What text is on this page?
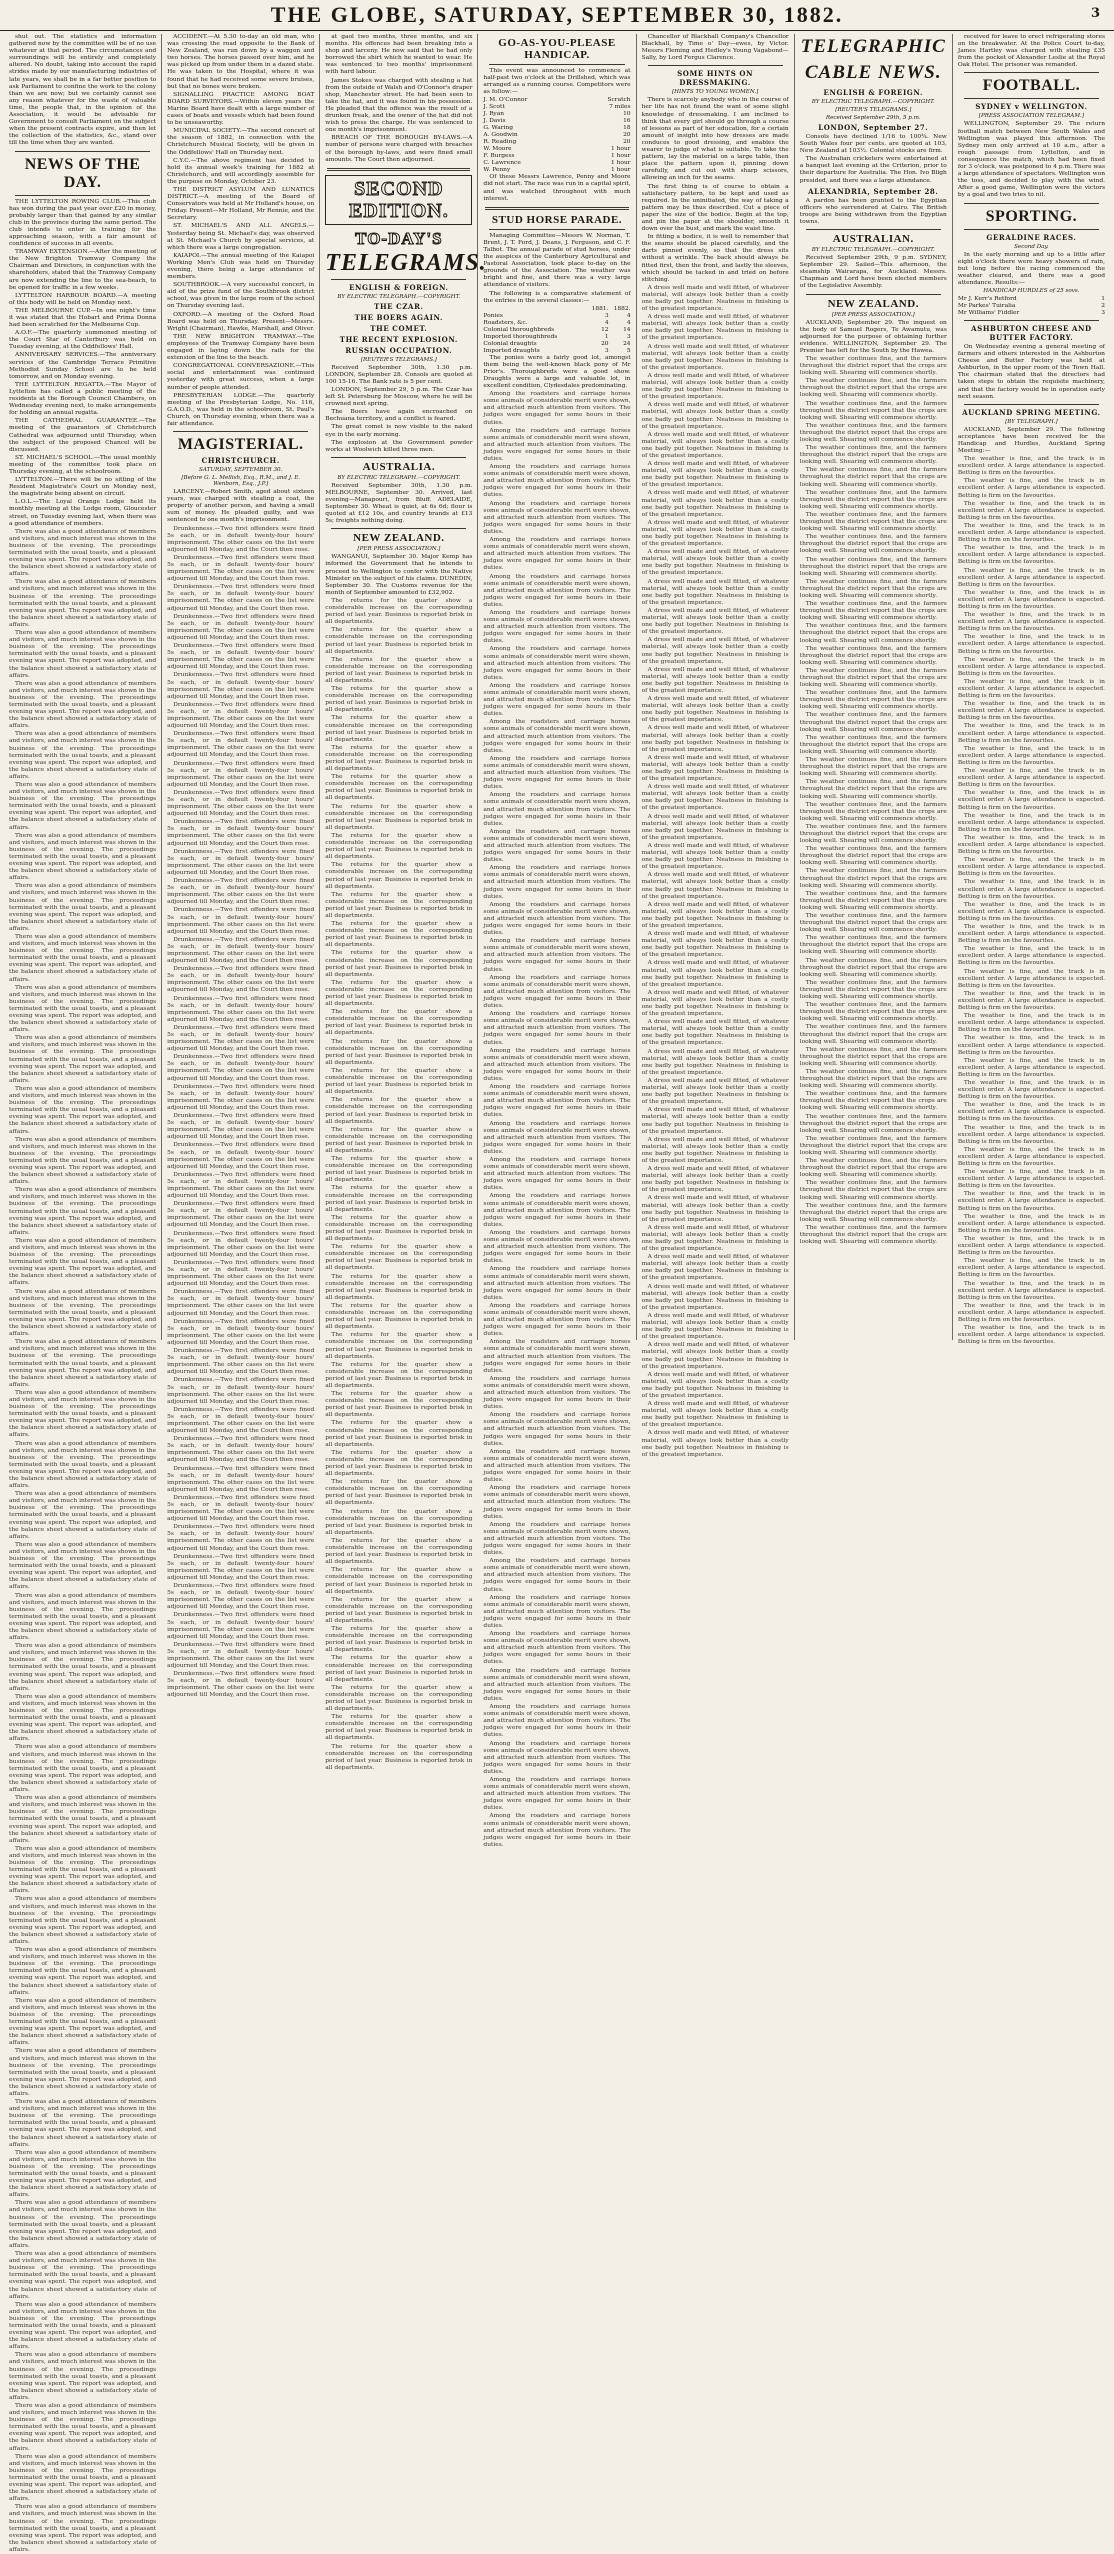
THE GLOBE, SATURDAY, SEPTEMBER 30, 1882.	3

shut out. The statistics and information gathered now by the committee will be of no use whatever at that period. The circumstances and surroundings will be entirely and completely altered. No doubt, taking into account the rapid strides made by our manufacturing industries of late years, we shall be in a far better position to ask Parliament to confine the work to the colony than we are now; but we certainly cannot see any reason whatever for the waste of valuable time, the people that, in the opinion of the Association, it would be advisable for Government to consult Parliament on the subject when the present contracts expire, and then let the collection of the statistics, &c., stand over till the time when they are wanted.

NEWS OF THE DAY.

THE LYTTELTON ROWING CLUB.—This club has won during the past year over £20 in money, probably larger than that gained by any similar club in the province during the same period. The club intends to enter in training for the approaching season, with a fair amount of confidence of success in all events.

TRAMWAY EXTENSION.—After the meeting of the New Brighton Tramway Company the Chairman and Directors, in conjunction with the shareholders, stated that the Tramway Company are now extending the line to the sea-beach, to be opened for traffic in a few weeks.

LYTTELTON HARBOUR BOARD.—A meeting of this body will be held on Monday next.

THE MELBOURNE CUP.—In one night's time it was stated that the Hobart and Prima Donna had been scratched for the Melbourne Cup.

A.O.F.—The quarterly summoned meeting of the Court Star of Canterbury was held on Tuesday evening, at the Oddfellows' Hall.

ANNIVERSARY SERVICES.—The anniversary services of the Cambridge Terrace Primitive Methodist Sunday School are to be held tomorrow, and on Monday evening.

THE LYTTELTON REGATTA.—The Mayor of Lyttelton has called a public meeting of the residents at the Borough Council Chambers, on Wednesday evening next, to make arrangements for holding an annual regatta.

THE CATHEDRAL GUARANTEE.—The meeting of the guarantors of Christchurch Cathedral was adjourned until Thursday, when the subject of the proposed Chancel will be discussed.

ST. MICHAEL'S SCHOOL.—The usual monthly meeting of the committee took place on Thursday evening, at the schoolroom.

LYTTELTON.—There will be no sitting of the Resident Magistrate's Court on Monday next, the magistrate being absent on circuit.

L.O.L.—The Loyal Orange Lodge held its monthly meeting at the Lodge room, Gloucester street, on Tuesday evening last, when there was a good attendance of members.

There was also a good attendance of members and visitors, and much interest was shown in the business of the evening. The proceedings terminated with the usual toasts, and a pleasant evening was spent. The report was adopted, and the balance sheet showed a satisfactory state of affairs.

There was also a good attendance of members and visitors, and much interest was shown in the business of the evening. The proceedings terminated with the usual toasts, and a pleasant evening was spent. The report was adopted, and the balance sheet showed a satisfactory state of affairs.

There was also a good attendance of members and visitors, and much interest was shown in the business of the evening. The proceedings terminated with the usual toasts, and a pleasant evening was spent. The report was adopted, and the balance sheet showed a satisfactory state of affairs.

There was also a good attendance of members and visitors, and much interest was shown in the business of the evening. The proceedings terminated with the usual toasts, and a pleasant evening was spent. The report was adopted, and the balance sheet showed a satisfactory state of affairs.

There was also a good attendance of members and visitors, and much interest was shown in the business of the evening. The proceedings terminated with the usual toasts, and a pleasant evening was spent. The report was adopted, and the balance sheet showed a satisfactory state of affairs.

There was also a good attendance of members and visitors, and much interest was shown in the business of the evening. The proceedings terminated with the usual toasts, and a pleasant evening was spent. The report was adopted, and the balance sheet showed a satisfactory state of affairs.

There was also a good attendance of members and visitors, and much interest was shown in the business of the evening. The proceedings terminated with the usual toasts, and a pleasant evening was spent. The report was adopted, and the balance sheet showed a satisfactory state of affairs.

There was also a good attendance of members and visitors, and much interest was shown in the business of the evening. The proceedings terminated with the usual toasts, and a pleasant evening was spent. The report was adopted, and the balance sheet showed a satisfactory state of affairs.

There was also a good attendance of members and visitors, and much interest was shown in the business of the evening. The proceedings terminated with the usual toasts, and a pleasant evening was spent. The report was adopted, and the balance sheet showed a satisfactory state of affairs.

There was also a good attendance of members and visitors, and much interest was shown in the business of the evening. The proceedings terminated with the usual toasts, and a pleasant evening was spent. The report was adopted, and the balance sheet showed a satisfactory state of affairs.

There was also a good attendance of members and visitors, and much interest was shown in the business of the evening. The proceedings terminated with the usual toasts, and a pleasant evening was spent. The report was adopted, and the balance sheet showed a satisfactory state of affairs.

There was also a good attendance of members and visitors, and much interest was shown in the business of the evening. The proceedings terminated with the usual toasts, and a pleasant evening was spent. The report was adopted, and the balance sheet showed a satisfactory state of affairs.

There was also a good attendance of members and visitors, and much interest was shown in the business of the evening. The proceedings terminated with the usual toasts, and a pleasant evening was spent. The report was adopted, and the balance sheet showed a satisfactory state of affairs.

There was also a good attendance of members and visitors, and much interest was shown in the business of the evening. The proceedings terminated with the usual toasts, and a pleasant evening was spent. The report was adopted, and the balance sheet showed a satisfactory state of affairs.

There was also a good attendance of members and visitors, and much interest was shown in the business of the evening. The proceedings terminated with the usual toasts, and a pleasant evening was spent. The report was adopted, and the balance sheet showed a satisfactory state of affairs.

There was also a good attendance of members and visitors, and much interest was shown in the business of the evening. The proceedings terminated with the usual toasts, and a pleasant evening was spent. The report was adopted, and the balance sheet showed a satisfactory state of affairs.

There was also a good attendance of members and visitors, and much interest was shown in the business of the evening. The proceedings terminated with the usual toasts, and a pleasant evening was spent. The report was adopted, and the balance sheet showed a satisfactory state of affairs.

There was also a good attendance of members and visitors, and much interest was shown in the business of the evening. The proceedings terminated with the usual toasts, and a pleasant evening was spent. The report was adopted, and the balance sheet showed a satisfactory state of affairs.

There was also a good attendance of members and visitors, and much interest was shown in the business of the evening. The proceedings terminated with the usual toasts, and a pleasant evening was spent. The report was adopted, and the balance sheet showed a satisfactory state of affairs.

There was also a good attendance of members and visitors, and much interest was shown in the business of the evening. The proceedings terminated with the usual toasts, and a pleasant evening was spent. The report was adopted, and the balance sheet showed a satisfactory state of affairs.

There was also a good attendance of members and visitors, and much interest was shown in the business of the evening. The proceedings terminated with the usual toasts, and a pleasant evening was spent. The report was adopted, and the balance sheet showed a satisfactory state of affairs.

There was also a good attendance of members and visitors, and much interest was shown in the business of the evening. The proceedings terminated with the usual toasts, and a pleasant evening was spent. The report was adopted, and the balance sheet showed a satisfactory state of affairs.

There was also a good attendance of members and visitors, and much interest was shown in the business of the evening. The proceedings terminated with the usual toasts, and a pleasant evening was spent. The report was adopted, and the balance sheet showed a satisfactory state of affairs.

There was also a good attendance of members and visitors, and much interest was shown in the business of the evening. The proceedings terminated with the usual toasts, and a pleasant evening was spent. The report was adopted, and the balance sheet showed a satisfactory state of affairs.

There was also a good attendance of members and visitors, and much interest was shown in the business of the evening. The proceedings terminated with the usual toasts, and a pleasant evening was spent. The report was adopted, and the balance sheet showed a satisfactory state of affairs.

There was also a good attendance of members and visitors, and much interest was shown in the business of the evening. The proceedings terminated with the usual toasts, and a pleasant evening was spent. The report was adopted, and the balance sheet showed a satisfactory state of affairs.

There was also a good attendance of members and visitors, and much interest was shown in the business of the evening. The proceedings terminated with the usual toasts, and a pleasant evening was spent. The report was adopted, and the balance sheet showed a satisfactory state of affairs.

There was also a good attendance of members and visitors, and much interest was shown in the business of the evening. The proceedings terminated with the usual toasts, and a pleasant evening was spent. The report was adopted, and the balance sheet showed a satisfactory state of affairs.

There was also a good attendance of members and visitors, and much interest was shown in the business of the evening. The proceedings terminated with the usual toasts, and a pleasant evening was spent. The report was adopted, and the balance sheet showed a satisfactory state of affairs.

There was also a good attendance of members and visitors, and much interest was shown in the business of the evening. The proceedings terminated with the usual toasts, and a pleasant evening was spent. The report was adopted, and the balance sheet showed a satisfactory state of affairs.

There was also a good attendance of members and visitors, and much interest was shown in the business of the evening. The proceedings terminated with the usual toasts, and a pleasant evening was spent. The report was adopted, and the balance sheet showed a satisfactory state of affairs.

There was also a good attendance of members and visitors, and much interest was shown in the business of the evening. The proceedings terminated with the usual toasts, and a pleasant evening was spent. The report was adopted, and the balance sheet showed a satisfactory state of affairs.

There was also a good attendance of members and visitors, and much interest was shown in the business of the evening. The proceedings terminated with the usual toasts, and a pleasant evening was spent. The report was adopted, and the balance sheet showed a satisfactory state of affairs.

There was also a good attendance of members and visitors, and much interest was shown in the business of the evening. The proceedings terminated with the usual toasts, and a pleasant evening was spent. The report was adopted, and the balance sheet showed a satisfactory state of affairs.

There was also a good attendance of members and visitors, and much interest was shown in the business of the evening. The proceedings terminated with the usual toasts, and a pleasant evening was spent. The report was adopted, and the balance sheet showed a satisfactory state of affairs.

There was also a good attendance of members and visitors, and much interest was shown in the business of the evening. The proceedings terminated with the usual toasts, and a pleasant evening was spent. The report was adopted, and the balance sheet showed a satisfactory state of affairs.

There was also a good attendance of members and visitors, and much interest was shown in the business of the evening. The proceedings terminated with the usual toasts, and a pleasant evening was spent. The report was adopted, and the balance sheet showed a satisfactory state of affairs.

There was also a good attendance of members and visitors, and much interest was shown in the business of the evening. The proceedings terminated with the usual toasts, and a pleasant evening was spent. The report was adopted, and the balance sheet showed a satisfactory state of affairs.

There was also a good attendance of members and visitors, and much interest was shown in the business of the evening. The proceedings terminated with the usual toasts, and a pleasant evening was spent. The report was adopted, and the balance sheet showed a satisfactory state of affairs.

There was also a good attendance of members and visitors, and much interest was shown in the business of the evening. The proceedings terminated with the usual toasts, and a pleasant evening was spent. The report was adopted, and the balance sheet showed a satisfactory state of affairs.

ACCIDENT.—At 5.30 to-day an old man, who was crossing the road opposite to the Bank of New Zealand, was run down by a waggon and two horses. The horses passed over him, and he was picked up from under them in a dazed state. He was taken to the Hospital, where it was found that he had received some severe bruises, but that no bones were broken.

SIGNALLING PRACTICE AMONG BOAT BOARD SURVEYORS.—Within eleven years the Marine Board have dealt with a large number of cases of boats and vessels which had been found to be unseaworthy.

MUNICIPAL SOCIETY.—The second concert of the season of 1882, in connection with the Christchurch Musical Society, will be given in the Oddfellows' Hall on Thursday next.

C.Y.C.—The above regiment has decided to hold its annual week's training for 1882 at Christchurch, and will accordingly assemble for the purpose on Monday, October 23.

THE DISTRICT ASYLUM AND LUNATICS DISTRICT.—A meeting of the Board of Conservators was held at Mr Holland's house, on Friday. Present—Mr Holland, Mr Rennie, and the Secretary.

ST. MICHAEL'S AND ALL ANGELS.—Yesterday being St. Michael's day, was observed at St. Michael's Church by special services, at which there was a large congregation.

KAIAPOI.—The annual meeting of the Kaiapoi Working Men's Club was held on Thursday evening, there being a large attendance of members.

SOUTHBROOK.—A very successful concert, in aid of the prize fund of the Southbrook district school, was given in the large room of the school on Thursday evening last.

OXFORD.—A meeting of the Oxford Road Board was held on Thursday. Present—Messrs. Wright (Chairman), Hawke, Marshall, and Oliver.

THE NEW BRIGHTON TRAMWAY.—The employees of the Tramway Company have been engaged in laying down the rails for the extension of the line to the beach.

CONGREGATIONAL CONVERSAZIONE.—This social and entertainment was continued yesterday with great success, when a large number of people attended.

PRESBYTERIAN LODGE.—The quarterly meeting of the Presbyterian Lodge, No. 116, G.A.O.D., was held in the schoolroom, St. Paul's Church, on Thursday evening, when there was a fair attendance.

MAGISTERIAL.
CHRISTCHURCH.
SATURDAY, SEPTEMBER 30.
[Before G. L. Mellish, Esq., R.M., and J. E. Wenborn, Esq., J.P.]

LARCENY.—Robert Smith, aged about sixteen years, was charged with stealing a coat, the property of another person, and having a small sum of money. He pleaded guilty, and was sentenced to one month's imprisonment.

Drunkenness.—Two first offenders were fined 5s each, or in default twenty-four hours' imprisonment. The other cases on the list were adjourned till Monday, and the Court then rose.

Drunkenness.—Two first offenders were fined 5s each, or in default twenty-four hours' imprisonment. The other cases on the list were adjourned till Monday, and the Court then rose.

Drunkenness.—Two first offenders were fined 5s each, or in default twenty-four hours' imprisonment. The other cases on the list were adjourned till Monday, and the Court then rose.

Drunkenness.—Two first offenders were fined 5s each, or in default twenty-four hours' imprisonment. The other cases on the list were adjourned till Monday, and the Court then rose.

Drunkenness.—Two first offenders were fined 5s each, or in default twenty-four hours' imprisonment. The other cases on the list were adjourned till Monday, and the Court then rose.

Drunkenness.—Two first offenders were fined 5s each, or in default twenty-four hours' imprisonment. The other cases on the list were adjourned till Monday, and the Court then rose.

Drunkenness.—Two first offenders were fined 5s each, or in default twenty-four hours' imprisonment. The other cases on the list were adjourned till Monday, and the Court then rose.

Drunkenness.—Two first offenders were fined 5s each, or in default twenty-four hours' imprisonment. The other cases on the list were adjourned till Monday, and the Court then rose.

Drunkenness.—Two first offenders were fined 5s each, or in default twenty-four hours' imprisonment. The other cases on the list were adjourned till Monday, and the Court then rose.

Drunkenness.—Two first offenders were fined 5s each, or in default twenty-four hours' imprisonment. The other cases on the list were adjourned till Monday, and the Court then rose.

Drunkenness.—Two first offenders were fined 5s each, or in default twenty-four hours' imprisonment. The other cases on the list were adjourned till Monday, and the Court then rose.

Drunkenness.—Two first offenders were fined 5s each, or in default twenty-four hours' imprisonment. The other cases on the list were adjourned till Monday, and the Court then rose.

Drunkenness.—Two first offenders were fined 5s each, or in default twenty-four hours' imprisonment. The other cases on the list were adjourned till Monday, and the Court then rose.

Drunkenness.—Two first offenders were fined 5s each, or in default twenty-four hours' imprisonment. The other cases on the list were adjourned till Monday, and the Court then rose.

Drunkenness.—Two first offenders were fined 5s each, or in default twenty-four hours' imprisonment. The other cases on the list were adjourned till Monday, and the Court then rose.

Drunkenness.—Two first offenders were fined 5s each, or in default twenty-four hours' imprisonment. The other cases on the list were adjourned till Monday, and the Court then rose.

Drunkenness.—Two first offenders were fined 5s each, or in default twenty-four hours' imprisonment. The other cases on the list were adjourned till Monday, and the Court then rose.

Drunkenness.—Two first offenders were fined 5s each, or in default twenty-four hours' imprisonment. The other cases on the list were adjourned till Monday, and the Court then rose.

Drunkenness.—Two first offenders were fined 5s each, or in default twenty-four hours' imprisonment. The other cases on the list were adjourned till Monday, and the Court then rose.

Drunkenness.—Two first offenders were fined 5s each, or in default twenty-four hours' imprisonment. The other cases on the list were adjourned till Monday, and the Court then rose.

Drunkenness.—Two first offenders were fined 5s each, or in default twenty-four hours' imprisonment. The other cases on the list were adjourned till Monday, and the Court then rose.

Drunkenness.—Two first offenders were fined 5s each, or in default twenty-four hours' imprisonment. The other cases on the list were adjourned till Monday, and the Court then rose.

Drunkenness.—Two first offenders were fined 5s each, or in default twenty-four hours' imprisonment. The other cases on the list were adjourned till Monday, and the Court then rose.

Drunkenness.—Two first offenders were fined 5s each, or in default twenty-four hours' imprisonment. The other cases on the list were adjourned till Monday, and the Court then rose.

Drunkenness.—Two first offenders were fined 5s each, or in default twenty-four hours' imprisonment. The other cases on the list were adjourned till Monday, and the Court then rose.

Drunkenness.—Two first offenders were fined 5s each, or in default twenty-four hours' imprisonment. The other cases on the list were adjourned till Monday, and the Court then rose.

Drunkenness.—Two first offenders were fined 5s each, or in default twenty-four hours' imprisonment. The other cases on the list were adjourned till Monday, and the Court then rose.

Drunkenness.—Two first offenders were fined 5s each, or in default twenty-four hours' imprisonment. The other cases on the list were adjourned till Monday, and the Court then rose.

Drunkenness.—Two first offenders were fined 5s each, or in default twenty-four hours' imprisonment. The other cases on the list were adjourned till Monday, and the Court then rose.

Drunkenness.—Two first offenders were fined 5s each, or in default twenty-four hours' imprisonment. The other cases on the list were adjourned till Monday, and the Court then rose.

Drunkenness.—Two first offenders were fined 5s each, or in default twenty-four hours' imprisonment. The other cases on the list were adjourned till Monday, and the Court then rose.

Drunkenness.—Two first offenders were fined 5s each, or in default twenty-four hours' imprisonment. The other cases on the list were adjourned till Monday, and the Court then rose.

Drunkenness.—Two first offenders were fined 5s each, or in default twenty-four hours' imprisonment. The other cases on the list were adjourned till Monday, and the Court then rose.

Drunkenness.—Two first offenders were fined 5s each, or in default twenty-four hours' imprisonment. The other cases on the list were adjourned till Monday, and the Court then rose.

Drunkenness.—Two first offenders were fined 5s each, or in default twenty-four hours' imprisonment. The other cases on the list were adjourned till Monday, and the Court then rose.

Drunkenness.—Two first offenders were fined 5s each, or in default twenty-four hours' imprisonment. The other cases on the list were adjourned till Monday, and the Court then rose.

Drunkenness.—Two first offenders were fined 5s each, or in default twenty-four hours' imprisonment. The other cases on the list were adjourned till Monday, and the Court then rose.

Drunkenness.—Two first offenders were fined 5s each, or in default twenty-four hours' imprisonment. The other cases on the list were adjourned till Monday, and the Court then rose.

Drunkenness.—Two first offenders were fined 5s each, or in default twenty-four hours' imprisonment. The other cases on the list were adjourned till Monday, and the Court then rose.

Drunkenness.—Two first offenders were fined 5s each, or in default twenty-four hours' imprisonment. The other cases on the list were adjourned till Monday, and the Court then rose.

at gaol two months, three months, and six months. His offences had been breaking into a shop and larceny. He now said that he had only borrowed the shirt which he wanted to wear. He was sentenced to two months' imprisonment with hard labour.

James Stokes was charged with stealing a hat from the outside of Walsh and O'Connor's draper shop, Manchester street. He had been seen to take the hat, and it was found in his possession. He pleaded that the offence was the result of a drunken freak, and the owner of the hat did not wish to press the charge. He was sentenced to one month's imprisonment.

BREACH OF THE BOROUGH BY-LAWS.—A number of persons were charged with breaches of the borough by-laws, and were fined small amounts. The Court then adjourned.

SECOND EDITION.
TO-DAY'S
TELEGRAMS.
ENGLISH & FOREIGN.
BY ELECTRIC TELEGRAPH.—COPYRIGHT.
THE CZAR.
THE BOERS AGAIN.
THE COMET.
THE RECENT EXPLOSION.
RUSSIAN OCCUPATION.
[REUTER'S TELEGRAMS.]

Received September 30th, 1.30 p.m. LONDON, September 28. Consols are quoted at 100 15-16. The Bank rate is 5 per cent.

LONDON, September 29, 5 p.m. The Czar has left St. Petersburg for Moscow, where he will be crowned next spring.

The Boers have again encroached on Bechuana territory, and a conflict is feared.

The great comet is now visible to the naked eye in the early morning.

The explosion at the Government powder works at Woolwich killed three men.

AUSTRALIA.
BY ELECTRIC TELEGRAPH.—COPYRIGHT.

Received September 30th, 1.30 p.m. MELBOURNE, September 30. Arrived, last evening—Manapouri, from Bluff. ADELAIDE, September 30. Wheat is quiet, at 6s 6d; flour is quoted at £12 10s, and country brands at £13 5s; freights nothing doing.

NEW ZEALAND.
[PER PRESS ASSOCIATION.]

WANGANUI, September 30. Major Kemp has informed the Government that he intends to proceed to Wellington to confer with the Native Minister on the subject of his claims. DUNEDIN, September 30. The Customs revenue for the month of September amounted to £32,902.

The returns for the quarter show a considerable increase on the corresponding period of last year. Business is reported brisk in all departments.

The returns for the quarter show a considerable increase on the corresponding period of last year. Business is reported brisk in all departments.

The returns for the quarter show a considerable increase on the corresponding period of last year. Business is reported brisk in all departments.

The returns for the quarter show a considerable increase on the corresponding period of last year. Business is reported brisk in all departments.

The returns for the quarter show a considerable increase on the corresponding period of last year. Business is reported brisk in all departments.

The returns for the quarter show a considerable increase on the corresponding period of last year. Business is reported brisk in all departments.

The returns for the quarter show a considerable increase on the corresponding period of last year. Business is reported brisk in all departments.

The returns for the quarter show a considerable increase on the corresponding period of last year. Business is reported brisk in all departments.

The returns for the quarter show a considerable increase on the corresponding period of last year. Business is reported brisk in all departments.

The returns for the quarter show a considerable increase on the corresponding period of last year. Business is reported brisk in all departments.

The returns for the quarter show a considerable increase on the corresponding period of last year. Business is reported brisk in all departments.

The returns for the quarter show a considerable increase on the corresponding period of last year. Business is reported brisk in all departments.

The returns for the quarter show a considerable increase on the corresponding period of last year. Business is reported brisk in all departments.

The returns for the quarter show a considerable increase on the corresponding period of last year. Business is reported brisk in all departments.

The returns for the quarter show a considerable increase on the corresponding period of last year. Business is reported brisk in all departments.

The returns for the quarter show a considerable increase on the corresponding period of last year. Business is reported brisk in all departments.

The returns for the quarter show a considerable increase on the corresponding period of last year. Business is reported brisk in all departments.

The returns for the quarter show a considerable increase on the corresponding period of last year. Business is reported brisk in all departments.

The returns for the quarter show a considerable increase on the corresponding period of last year. Business is reported brisk in all departments.

The returns for the quarter show a considerable increase on the corresponding period of last year. Business is reported brisk in all departments.

The returns for the quarter show a considerable increase on the corresponding period of last year. Business is reported brisk in all departments.

The returns for the quarter show a considerable increase on the corresponding period of last year. Business is reported brisk in all departments.

The returns for the quarter show a considerable increase on the corresponding period of last year. Business is reported brisk in all departments.

The returns for the quarter show a considerable increase on the corresponding period of last year. Business is reported brisk in all departments.

The returns for the quarter show a considerable increase on the corresponding period of last year. Business is reported brisk in all departments.

The returns for the quarter show a considerable increase on the corresponding period of last year. Business is reported brisk in all departments.

The returns for the quarter show a considerable increase on the corresponding period of last year. Business is reported brisk in all departments.

The returns for the quarter show a considerable increase on the corresponding period of last year. Business is reported brisk in all departments.

The returns for the quarter show a considerable increase on the corresponding period of last year. Business is reported brisk in all departments.

The returns for the quarter show a considerable increase on the corresponding period of last year. Business is reported brisk in all departments.

The returns for the quarter show a considerable increase on the corresponding period of last year. Business is reported brisk in all departments.

The returns for the quarter show a considerable increase on the corresponding period of last year. Business is reported brisk in all departments.

The returns for the quarter show a considerable increase on the corresponding period of last year. Business is reported brisk in all departments.

The returns for the quarter show a considerable increase on the corresponding period of last year. Business is reported brisk in all departments.

The returns for the quarter show a considerable increase on the corresponding period of last year. Business is reported brisk in all departments.

The returns for the quarter show a considerable increase on the corresponding period of last year. Business is reported brisk in all departments.

The returns for the quarter show a considerable increase on the corresponding period of last year. Business is reported brisk in all departments.

The returns for the quarter show a considerable increase on the corresponding period of last year. Business is reported brisk in all departments.

The returns for the quarter show a considerable increase on the corresponding period of last year. Business is reported brisk in all departments.

The returns for the quarter show a considerable increase on the corresponding period of last year. Business is reported brisk in all departments.

GO-AS-YOU-PLEASE HANDICAP.

This event was announced to commence at half-past two o'clock at the Drillshed, which was arranged as a running course. Competitors were as follow:—

J. M. O'Connor	Scratch
J. Scott	7 miles
J. Ryan	10
J. Davis	16
G. Waring	18
A. Goodwin	20
R. Reading	20
W. Moore	1 hour
F. Burgess	1 hour
C. Lawrence	1 hour
W. Penny	1 hour

Of these Messrs Lawrence, Penny and Moore did not start. The race was run in a capital spirit, and was watched throughout with much interest.

STUD HORSE PARADE.

Managing Committee—Messrs W. Norman, T. Brent, J. T. Ford, J. Deans, J. Ferguson, and C. F. Talbot. The annual parade of stud horses, under the auspices of the Canterbury Agricultural and Pastoral Association, took place to-day on the grounds of the Association. The weather was bright and fine, and there was a very large attendance of visitors.

The following is a comparative statement of the entries in the several classes:—

	1881.	1882.
Ponies	3	4
Roadsters, &c.	4	4
Colonial thoroughbreds	12	14
Imported thoroughbreds	1	3
Colonial draughts	20	24
Imported draughts	3	5

The ponies were a fairly good lot, amongst them being the well-known black pony of Mr Prior's. Thoroughbreds were a good show. Draughts were a large and valuable lot, in excellent condition, Clydesdales predominating.

Among the roadsters and carriage horses some animals of considerable merit were shown, and attracted much attention from visitors. The judges were engaged for some hours in their duties.

Among the roadsters and carriage horses some animals of considerable merit were shown, and attracted much attention from visitors. The judges were engaged for some hours in their duties.

Among the roadsters and carriage horses some animals of considerable merit were shown, and attracted much attention from visitors. The judges were engaged for some hours in their duties.

Among the roadsters and carriage horses some animals of considerable merit were shown, and attracted much attention from visitors. The judges were engaged for some hours in their duties.

Among the roadsters and carriage horses some animals of considerable merit were shown, and attracted much attention from visitors. The judges were engaged for some hours in their duties.

Among the roadsters and carriage horses some animals of considerable merit were shown, and attracted much attention from visitors. The judges were engaged for some hours in their duties.

Among the roadsters and carriage horses some animals of considerable merit were shown, and attracted much attention from visitors. The judges were engaged for some hours in their duties.

Among the roadsters and carriage horses some animals of considerable merit were shown, and attracted much attention from visitors. The judges were engaged for some hours in their duties.

Among the roadsters and carriage horses some animals of considerable merit were shown, and attracted much attention from visitors. The judges were engaged for some hours in their duties.

Among the roadsters and carriage horses some animals of considerable merit were shown, and attracted much attention from visitors. The judges were engaged for some hours in their duties.

Among the roadsters and carriage horses some animals of considerable merit were shown, and attracted much attention from visitors. The judges were engaged for some hours in their duties.

Among the roadsters and carriage horses some animals of considerable merit were shown, and attracted much attention from visitors. The judges were engaged for some hours in their duties.

Among the roadsters and carriage horses some animals of considerable merit were shown, and attracted much attention from visitors. The judges were engaged for some hours in their duties.

Among the roadsters and carriage horses some animals of considerable merit were shown, and attracted much attention from visitors. The judges were engaged for some hours in their duties.

Among the roadsters and carriage horses some animals of considerable merit were shown, and attracted much attention from visitors. The judges were engaged for some hours in their duties.

Among the roadsters and carriage horses some animals of considerable merit were shown, and attracted much attention from visitors. The judges were engaged for some hours in their duties.

Among the roadsters and carriage horses some animals of considerable merit were shown, and attracted much attention from visitors. The judges were engaged for some hours in their duties.

Among the roadsters and carriage horses some animals of considerable merit were shown, and attracted much attention from visitors. The judges were engaged for some hours in their duties.

Among the roadsters and carriage horses some animals of considerable merit were shown, and attracted much attention from visitors. The judges were engaged for some hours in their duties.

Among the roadsters and carriage horses some animals of considerable merit were shown, and attracted much attention from visitors. The judges were engaged for some hours in their duties.

Among the roadsters and carriage horses some animals of considerable merit were shown, and attracted much attention from visitors. The judges were engaged for some hours in their duties.

Among the roadsters and carriage horses some animals of considerable merit were shown, and attracted much attention from visitors. The judges were engaged for some hours in their duties.

Among the roadsters and carriage horses some animals of considerable merit were shown, and attracted much attention from visitors. The judges were engaged for some hours in their duties.

Among the roadsters and carriage horses some animals of considerable merit were shown, and attracted much attention from visitors. The judges were engaged for some hours in their duties.

Among the roadsters and carriage horses some animals of considerable merit were shown, and attracted much attention from visitors. The judges were engaged for some hours in their duties.

Among the roadsters and carriage horses some animals of considerable merit were shown, and attracted much attention from visitors. The judges were engaged for some hours in their duties.

Among the roadsters and carriage horses some animals of considerable merit were shown, and attracted much attention from visitors. The judges were engaged for some hours in their duties.

Among the roadsters and carriage horses some animals of considerable merit were shown, and attracted much attention from visitors. The judges were engaged for some hours in their duties.

Among the roadsters and carriage horses some animals of considerable merit were shown, and attracted much attention from visitors. The judges were engaged for some hours in their duties.

Among the roadsters and carriage horses some animals of considerable merit were shown, and attracted much attention from visitors. The judges were engaged for some hours in their duties.

Among the roadsters and carriage horses some animals of considerable merit were shown, and attracted much attention from visitors. The judges were engaged for some hours in their duties.

Among the roadsters and carriage horses some animals of considerable merit were shown, and attracted much attention from visitors. The judges were engaged for some hours in their duties.

Among the roadsters and carriage horses some animals of considerable merit were shown, and attracted much attention from visitors. The judges were engaged for some hours in their duties.

Among the roadsters and carriage horses some animals of considerable merit were shown, and attracted much attention from visitors. The judges were engaged for some hours in their duties.

Among the roadsters and carriage horses some animals of considerable merit were shown, and attracted much attention from visitors. The judges were engaged for some hours in their duties.

Among the roadsters and carriage horses some animals of considerable merit were shown, and attracted much attention from visitors. The judges were engaged for some hours in their duties.

Among the roadsters and carriage horses some animals of considerable merit were shown, and attracted much attention from visitors. The judges were engaged for some hours in their duties.

Among the roadsters and carriage horses some animals of considerable merit were shown, and attracted much attention from visitors. The judges were engaged for some hours in their duties.

Among the roadsters and carriage horses some animals of considerable merit were shown, and attracted much attention from visitors. The judges were engaged for some hours in their duties.

Among the roadsters and carriage horses some animals of considerable merit were shown, and attracted much attention from visitors. The judges were engaged for some hours in their duties.

Chancellor of Blackhall Company's Chancellor Blackhall, by Time o' Day—ewes, by Victor. Messrs Fleming and Hedley's Young Vagabond—Sally, by Lord Fergus Clarence.

SOME HINTS ON DRESSMAKING.
[HINTS TO YOUNG WOMEN.]

There is scarcely anybody who in the course of her life has not found the want of some slight knowledge of dressmaking. I am inclined to think that every girl should go through a course of lessons as part of her education, for a certain amount of insight into how dresses are made conduces to good dressing, and enables the wearer to judge of what is suitable. To take the pattern, lay the material on a large table, then place the pattern upon it, pinning down carefully, and cut out with sharp scissors, allowing an inch for the seams.

The first thing is of course to obtain a satisfactory pattern, to be kept and used as required. In the uninitiated, the way of taking a pattern may be thus described. Cut a piece of paper the size of the bodice. Begin at the top, and pin the paper at the shoulder, smooth it down over the bust, and mark the waist line.

In fitting a bodice, it is well to remember that the seams should be placed carefully, and the darts pinned evenly, so that the dress sits without a wrinkle. The back should always be fitted first, then the front, and lastly the sleeves, which should be tacked in and tried on before stitching.

A dress well made and well fitted, of whatever material, will always look better than a costly one badly put together. Neatness in finishing is of the greatest importance.

A dress well made and well fitted, of whatever material, will always look better than a costly one badly put together. Neatness in finishing is of the greatest importance.

A dress well made and well fitted, of whatever material, will always look better than a costly one badly put together. Neatness in finishing is of the greatest importance.

A dress well made and well fitted, of whatever material, will always look better than a costly one badly put together. Neatness in finishing is of the greatest importance.

A dress well made and well fitted, of whatever material, will always look better than a costly one badly put together. Neatness in finishing is of the greatest importance.

A dress well made and well fitted, of whatever material, will always look better than a costly one badly put together. Neatness in finishing is of the greatest importance.

A dress well made and well fitted, of whatever material, will always look better than a costly one badly put together. Neatness in finishing is of the greatest importance.

A dress well made and well fitted, of whatever material, will always look better than a costly one badly put together. Neatness in finishing is of the greatest importance.

A dress well made and well fitted, of whatever material, will always look better than a costly one badly put together. Neatness in finishing is of the greatest importance.

A dress well made and well fitted, of whatever material, will always look better than a costly one badly put together. Neatness in finishing is of the greatest importance.

A dress well made and well fitted, of whatever material, will always look better than a costly one badly put together. Neatness in finishing is of the greatest importance.

A dress well made and well fitted, of whatever material, will always look better than a costly one badly put together. Neatness in finishing is of the greatest importance.

A dress well made and well fitted, of whatever material, will always look better than a costly one badly put together. Neatness in finishing is of the greatest importance.

A dress well made and well fitted, of whatever material, will always look better than a costly one badly put together. Neatness in finishing is of the greatest importance.

A dress well made and well fitted, of whatever material, will always look better than a costly one badly put together. Neatness in finishing is of the greatest importance.

A dress well made and well fitted, of whatever material, will always look better than a costly one badly put together. Neatness in finishing is of the greatest importance.

A dress well made and well fitted, of whatever material, will always look better than a costly one badly put together. Neatness in finishing is of the greatest importance.

A dress well made and well fitted, of whatever material, will always look better than a costly one badly put together. Neatness in finishing is of the greatest importance.

A dress well made and well fitted, of whatever material, will always look better than a costly one badly put together. Neatness in finishing is of the greatest importance.

A dress well made and well fitted, of whatever material, will always look better than a costly one badly put together. Neatness in finishing is of the greatest importance.

A dress well made and well fitted, of whatever material, will always look better than a costly one badly put together. Neatness in finishing is of the greatest importance.

A dress well made and well fitted, of whatever material, will always look better than a costly one badly put together. Neatness in finishing is of the greatest importance.

A dress well made and well fitted, of whatever material, will always look better than a costly one badly put together. Neatness in finishing is of the greatest importance.

A dress well made and well fitted, of whatever material, will always look better than a costly one badly put together. Neatness in finishing is of the greatest importance.

A dress well made and well fitted, of whatever material, will always look better than a costly one badly put together. Neatness in finishing is of the greatest importance.

A dress well made and well fitted, of whatever material, will always look better than a costly one badly put together. Neatness in finishing is of the greatest importance.

A dress well made and well fitted, of whatever material, will always look better than a costly one badly put together. Neatness in finishing is of the greatest importance.

A dress well made and well fitted, of whatever material, will always look better than a costly one badly put together. Neatness in finishing is of the greatest importance.

A dress well made and well fitted, of whatever material, will always look better than a costly one badly put together. Neatness in finishing is of the greatest importance.

A dress well made and well fitted, of whatever material, will always look better than a costly one badly put together. Neatness in finishing is of the greatest importance.

A dress well made and well fitted, of whatever material, will always look better than a costly one badly put together. Neatness in finishing is of the greatest importance.

A dress well made and well fitted, of whatever material, will always look better than a costly one badly put together. Neatness in finishing is of the greatest importance.

A dress well made and well fitted, of whatever material, will always look better than a costly one badly put together. Neatness in finishing is of the greatest importance.

A dress well made and well fitted, of whatever material, will always look better than a costly one badly put together. Neatness in finishing is of the greatest importance.

A dress well made and well fitted, of whatever material, will always look better than a costly one badly put together. Neatness in finishing is of the greatest importance.

A dress well made and well fitted, of whatever material, will always look better than a costly one badly put together. Neatness in finishing is of the greatest importance.

A dress well made and well fitted, of whatever material, will always look better than a costly one badly put together. Neatness in finishing is of the greatest importance.

A dress well made and well fitted, of whatever material, will always look better than a costly one badly put together. Neatness in finishing is of the greatest importance.

A dress well made and well fitted, of whatever material, will always look better than a costly one badly put together. Neatness in finishing is of the greatest importance.

A dress well made and well fitted, of whatever material, will always look better than a costly one badly put together. Neatness in finishing is of the greatest importance.

TELEGRAPHIC
CABLE NEWS.
ENGLISH & FOREIGN.
BY ELECTRIC TELEGRAPH.—COPYRIGHT.
[REUTER'S TELEGRAMS.]
Received September 29th, 5 p.m.
LONDON, September 27.

Consols have declined 1/16 to 100¾. New South Wales four per cents. are quoted at 103, New Zealand at 103½. Colonial stocks are firm.

The Australian cricketers were entertained at a banquet last evening at the Criterion, prior to their departure for Australia. The Hon. Ivo Bligh presided, and there was a large attendance.

ALEXANDRIA, September 28.

A pardon has been granted to the Egyptian officers who surrendered at Cairo. The British troops are being withdrawn from the Egyptian towns.

AUSTRALIAN.
BY ELECTRIC TELEGRAPH.—COPYRIGHT.

Received September 29th, 9 p.m. SYDNEY, September 29. Sailed—This afternoon, the steamship Wairarapa, for Auckland. Messrs. Chapman and Lord have been elected members of the Legislative Assembly.

NEW ZEALAND.
[PER PRESS ASSOCIATION.]

AUCKLAND, September 29. The inquest on the body of Samuel Rogers, Te Awamutu, was adjourned for the purpose of obtaining further evidence. WELLINGTON, September 29. The Premier has left for the South by the Hawea.

The weather continues fine, and the farmers throughout the district report that the crops are looking well. Shearing will commence shortly.

The weather continues fine, and the farmers throughout the district report that the crops are looking well. Shearing will commence shortly.

The weather continues fine, and the farmers throughout the district report that the crops are looking well. Shearing will commence shortly.

The weather continues fine, and the farmers throughout the district report that the crops are looking well. Shearing will commence shortly.

The weather continues fine, and the farmers throughout the district report that the crops are looking well. Shearing will commence shortly.

The weather continues fine, and the farmers throughout the district report that the crops are looking well. Shearing will commence shortly.

The weather continues fine, and the farmers throughout the district report that the crops are looking well. Shearing will commence shortly.

The weather continues fine, and the farmers throughout the district report that the crops are looking well. Shearing will commence shortly.

The weather continues fine, and the farmers throughout the district report that the crops are looking well. Shearing will commence shortly.

The weather continues fine, and the farmers throughout the district report that the crops are looking well. Shearing will commence shortly.

The weather continues fine, and the farmers throughout the district report that the crops are looking well. Shearing will commence shortly.

The weather continues fine, and the farmers throughout the district report that the crops are looking well. Shearing will commence shortly.

The weather continues fine, and the farmers throughout the district report that the crops are looking well. Shearing will commence shortly.

The weather continues fine, and the farmers throughout the district report that the crops are looking well. Shearing will commence shortly.

The weather continues fine, and the farmers throughout the district report that the crops are looking well. Shearing will commence shortly.

The weather continues fine, and the farmers throughout the district report that the crops are looking well. Shearing will commence shortly.

The weather continues fine, and the farmers throughout the district report that the crops are looking well. Shearing will commence shortly.

The weather continues fine, and the farmers throughout the district report that the crops are looking well. Shearing will commence shortly.

The weather continues fine, and the farmers throughout the district report that the crops are looking well. Shearing will commence shortly.

The weather continues fine, and the farmers throughout the district report that the crops are looking well. Shearing will commence shortly.

The weather continues fine, and the farmers throughout the district report that the crops are looking well. Shearing will commence shortly.

The weather continues fine, and the farmers throughout the district report that the crops are looking well. Shearing will commence shortly.

The weather continues fine, and the farmers throughout the district report that the crops are looking well. Shearing will commence shortly.

The weather continues fine, and the farmers throughout the district report that the crops are looking well. Shearing will commence shortly.

The weather continues fine, and the farmers throughout the district report that the crops are looking well. Shearing will commence shortly.

The weather continues fine, and the farmers throughout the district report that the crops are looking well. Shearing will commence shortly.

The weather continues fine, and the farmers throughout the district report that the crops are looking well. Shearing will commence shortly.

The weather continues fine, and the farmers throughout the district report that the crops are looking well. Shearing will commence shortly.

The weather continues fine, and the farmers throughout the district report that the crops are looking well. Shearing will commence shortly.

The weather continues fine, and the farmers throughout the district report that the crops are looking well. Shearing will commence shortly.

The weather continues fine, and the farmers throughout the district report that the crops are looking well. Shearing will commence shortly.

The weather continues fine, and the farmers throughout the district report that the crops are looking well. Shearing will commence shortly.

The weather continues fine, and the farmers throughout the district report that the crops are looking well. Shearing will commence shortly.

The weather continues fine, and the farmers throughout the district report that the crops are looking well. Shearing will commence shortly.

The weather continues fine, and the farmers throughout the district report that the crops are looking well. Shearing will commence shortly.

The weather continues fine, and the farmers throughout the district report that the crops are looking well. Shearing will commence shortly.

The weather continues fine, and the farmers throughout the district report that the crops are looking well. Shearing will commence shortly.

The weather continues fine, and the farmers throughout the district report that the crops are looking well. Shearing will commence shortly.

The weather continues fine, and the farmers throughout the district report that the crops are looking well. Shearing will commence shortly.

The weather continues fine, and the farmers throughout the district report that the crops are looking well. Shearing will commence shortly.

received for leave to erect refrigerating stores on the breakwater. At the Police Court to-day, James Hartley was charged with stealing £35 from the pocket of Alexander Leslie at the Royal Oak Hotel. The prisoner was remanded.

FOOTBALL.
SYDNEY v WELLINGTON.
[PRESS ASSOCIATION TELEGRAM.]

WELLINGTON, September 29. The return football match between New South Wales and Wellington was played this afternoon. The Sydney men only arrived at 10 a.m., after a rough passage from Lyttelton, and in consequence the match, which had been fixed for 3 o'clock, was postponed to 4 p.m. There was a large attendance of spectators. Wellington won the toss, and decided to play with the wind. After a good game, Wellington were the victors by a goal and two tries to nil.

SPORTING.
GERALDINE RACES.
Second Day.

In the early morning and up to a little after eight o'clock there were heavy showers of rain, but long before the racing commenced the weather cleared, and there was a good attendance. Results:—

HANDICAP HURDLES of 25 sovs.
Mr J. Kerr's Retford	1
Mr Parkes' Tuiralia	2
Mr Williams' Fiddler	3
ASHBURTON CHEESE AND BUTTER FACTORY.

On Wednesday evening a general meeting of farmers and others interested in the Ashburton Cheese and Butter Factory was held at Ashburton, in the upper room of the Town Hall. The chairman stated that the directors had taken steps to obtain the requisite machinery, and that the factory would be in operation early next season.

AUCKLAND SPRING MEETING.
[BY TELEGRAPH.]

AUCKLAND, September 29. The following acceptances have been received for the Handicap and Hurdles, Auckland Spring Meeting:—

The weather is fine, and the track is in excellent order. A large attendance is expected. Betting is firm on the favourites.

The weather is fine, and the track is in excellent order. A large attendance is expected. Betting is firm on the favourites.

The weather is fine, and the track is in excellent order. A large attendance is expected. Betting is firm on the favourites.

The weather is fine, and the track is in excellent order. A large attendance is expected. Betting is firm on the favourites.

The weather is fine, and the track is in excellent order. A large attendance is expected. Betting is firm on the favourites.

The weather is fine, and the track is in excellent order. A large attendance is expected. Betting is firm on the favourites.

The weather is fine, and the track is in excellent order. A large attendance is expected. Betting is firm on the favourites.

The weather is fine, and the track is in excellent order. A large attendance is expected. Betting is firm on the favourites.

The weather is fine, and the track is in excellent order. A large attendance is expected. Betting is firm on the favourites.

The weather is fine, and the track is in excellent order. A large attendance is expected. Betting is firm on the favourites.

The weather is fine, and the track is in excellent order. A large attendance is expected. Betting is firm on the favourites.

The weather is fine, and the track is in excellent order. A large attendance is expected. Betting is firm on the favourites.

The weather is fine, and the track is in excellent order. A large attendance is expected. Betting is firm on the favourites.

The weather is fine, and the track is in excellent order. A large attendance is expected. Betting is firm on the favourites.

The weather is fine, and the track is in excellent order. A large attendance is expected. Betting is firm on the favourites.

The weather is fine, and the track is in excellent order. A large attendance is expected. Betting is firm on the favourites.

The weather is fine, and the track is in excellent order. A large attendance is expected. Betting is firm on the favourites.

The weather is fine, and the track is in excellent order. A large attendance is expected. Betting is firm on the favourites.

The weather is fine, and the track is in excellent order. A large attendance is expected. Betting is firm on the favourites.

The weather is fine, and the track is in excellent order. A large attendance is expected. Betting is firm on the favourites.

The weather is fine, and the track is in excellent order. A large attendance is expected. Betting is firm on the favourites.

The weather is fine, and the track is in excellent order. A large attendance is expected. Betting is firm on the favourites.

The weather is fine, and the track is in excellent order. A large attendance is expected. Betting is firm on the favourites.

The weather is fine, and the track is in excellent order. A large attendance is expected. Betting is firm on the favourites.

The weather is fine, and the track is in excellent order. A large attendance is expected. Betting is firm on the favourites.

The weather is fine, and the track is in excellent order. A large attendance is expected. Betting is firm on the favourites.

The weather is fine, and the track is in excellent order. A large attendance is expected. Betting is firm on the favourites.

The weather is fine, and the track is in excellent order. A large attendance is expected. Betting is firm on the favourites.

The weather is fine, and the track is in excellent order. A large attendance is expected. Betting is firm on the favourites.

The weather is fine, and the track is in excellent order. A large attendance is expected. Betting is firm on the favourites.

The weather is fine, and the track is in excellent order. A large attendance is expected. Betting is firm on the favourites.

The weather is fine, and the track is in excellent order. A large attendance is expected. Betting is firm on the favourites.

The weather is fine, and the track is in excellent order. A large attendance is expected. Betting is firm on the favourites.

The weather is fine, and the track is in excellent order. A large attendance is expected. Betting is firm on the favourites.

The weather is fine, and the track is in excellent order. A large attendance is expected. Betting is firm on the favourites.

The weather is fine, and the track is in excellent order. A large attendance is expected. Betting is firm on the favourites.

The weather is fine, and the track is in excellent order. A large attendance is expected. Betting is firm on the favourites.

The weather is fine, and the track is in excellent order. A large attendance is expected. Betting is firm on the favourites.

The weather is fine, and the track is in excellent order. A large attendance is expected. Betting is firm on the favourites.

The weather is fine, and the track is in excellent order. A large attendance is expected. Betting is firm on the favourites.
